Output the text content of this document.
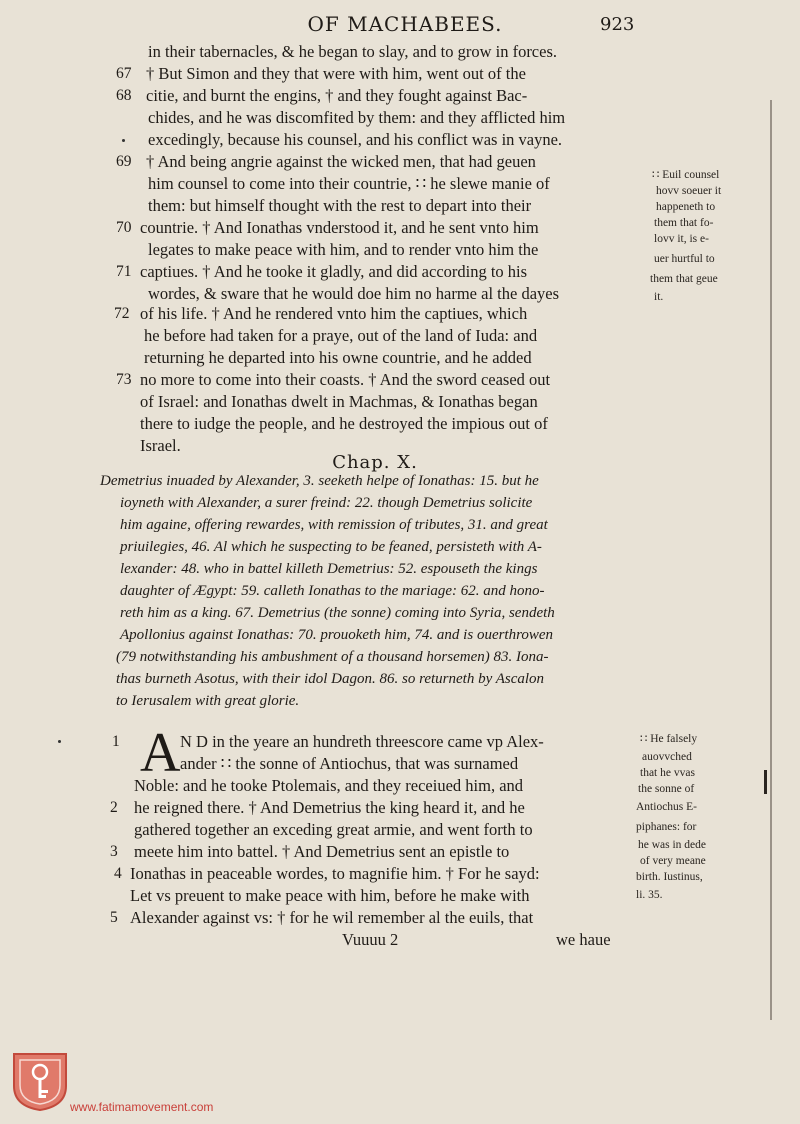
OF MACHABEES.	923
in their tabernacles, & he began to slay, and to grow in forces.
† But Simon and they that were with him, went out of the
citie, and burnt the engins, † and they fought against Bac-
chides, and he was discomfited by them: and they afflicted him
excedingly, because his counsel, and his conflict was in vayne.
† And being angrie against the wicked men, that had geuen
him counsel to come into their countrie, ∷ he slewe manie of
them: but himself thought with the rest to depart into their
countrie. † And Ionathas vnderstood it, and he sent vnto him
legates to make peace with him, and to render vnto him the
captiues. † And he tooke it gladly, and did according to his
wordes, & sware that he would doe him no harme al the dayes
of his life. † And he rendered vnto him the captiues, which
he before had taken for a praye, out of the land of Iuda: and
returning he departed into his owne countrie, and he added
no more to come into their coasts. † And the sword ceased out
of Israel: and Ionathas dwelt in Machmas, & Ionathas began
there to iudge the people, and he destroyed the impious out of
Israel.
67
68
69
70
71
72
73
∷ Euil counsel
hovv soeuer it
happeneth to
them that fo-
lovv it, is e-
uer hurtful to
them that geue
it.
Chap. X.
Demetrius inuaded by Alexander, 3. seeketh helpe of Ionathas: 15. but he
ioyneth with Alexander, a surer freind: 22. though Demetrius solicite
him againe, offering rewardes, with remission of tributes, 31. and great
priuilegies, 46. Al which he suspecting to be feaned, persisteth with A-
lexander: 48. who in battel killeth Demetrius: 52. espouseth the kings
daughter of Ægypt: 59. calleth Ionathas to the mariage: 62. and hono-
reth him as a king. 67. Demetrius (the sonne) coming into Syria, sendeth
Apollonius against Ionathas: 70. prouoketh him, 74. and is ouerthrowen
(79 notwithstanding his ambushment of a thousand horsemen) 83. Iona-
thas burneth Asotus, with their idol Dagon. 86. so returneth by Ascalon
to Ierusalem with great glorie.
A N D in the yeare an hundreth threescore came vp Alex-
ander ∷ the sonne of Antiochus, that was surnamed
Noble: and he tooke Ptolemais, and they receiued him, and
he reigned there. † And Demetrius the king heard it, and he
gathered together an exceding great armie, and went forth to
meete him into battel. † And Demetrius sent an epistle to
Ionathas in peaceable wordes, to magnifie him. † For he sayd:
Let vs preuent to make peace with him, before he make with
Alexander against vs: † for he wil remember al the euils, that
1
2
3
4
5
∷ He falsely
auovvched
that he vvas
the sonne of
Antiochus E-
piphanes: for
he was in dede
of very meane
birth. Iustinus,
li. 35.
Vuuuu 2	we haue
www.fatimamovement.com
